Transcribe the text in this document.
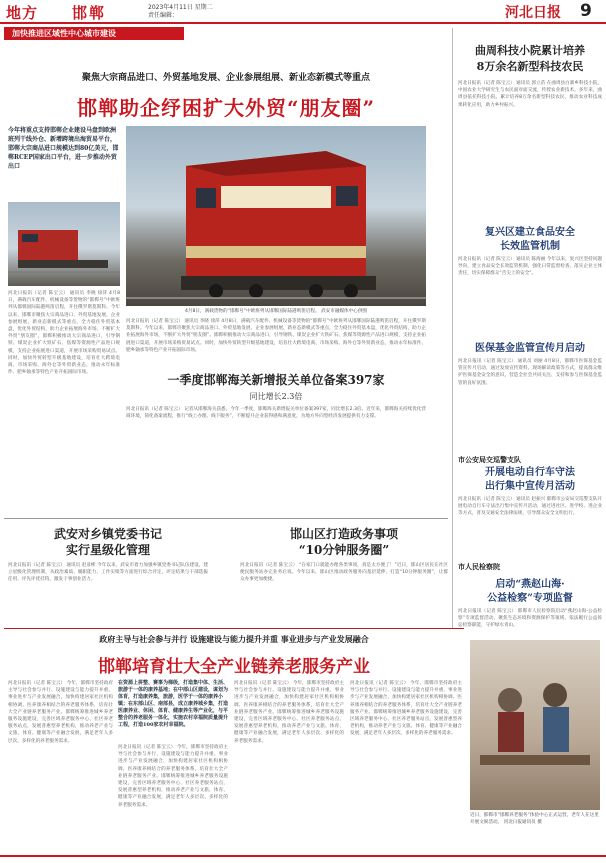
地方 邯郸	2023年4月11日 星期二
责任编辑：	河北日报 9
加快推进区域性中心城市建设
聚焦大宗商品进口、外贸基地发展、企业参展组展、新业态新模式等重点
邯郸助企纾困扩大外贸“朋友圈”
今年将重点支持邯郸企业建设马盘到欧洲班列干线外仓、新增跨境出海贸易平台，邯郸大宗商品进口规模达到80亿美元，邯郸RCEP国家出口平台，进一步推动外贸出口
4月8日，满载货物的“邯郸号”中欧班列从邯郸国际陆港鸣笛启程。 武安市融媒体中心供图
河北日报讯（记者 陈宝云） 通讯员 李晓 徐萍 4月8日，满载汽车配件、机械设备等货物的“邯郸号”中欧班列从邯郸国际陆港鸣笛启程，开往俄罗斯莫斯科。今年以来，邯郸市聚焦大宗商品进口、外贸基地发展、企业参展组展、新业态新模式等重点，全力稳住外贸基本盘，优化外贸结构，助力企业拓展海外市场，不断扩大外贸“朋友圈”。邯郸积极推动大宗商品进口，引导钢铁、煤炭企业扩大铁矿石、焦煤等资源性产品进口规模，支持企业拓展进口渠道，开展市场采购贸易试点。同时，加快外贸转型升级基地建设，培育壮大跨境电商、市场采购、海外仓等外贸新业态，推动永年标准件、肥乡轴承等特色产业开拓国际市场。
河北日报讯（记者 陈宝云） 通讯员 李晓 徐萍 4月8日，满载汽车配件、机械设备等货物的“邯郸号”中欧班列从邯郸国际陆港鸣笛启程，开往俄罗斯莫斯科。今年以来，邯郸市聚焦大宗商品进口、外贸基地发展、企业参展组展、新业态新模式等重点，全力稳住外贸基本盘，优化外贸结构，助力企业拓展海外市场，不断扩大外贸“朋友圈”。邯郸积极推动大宗商品进口，引导钢铁、煤炭企业扩大铁矿石、焦煤等资源性产品进口规模，支持企业拓展进口渠道，开展市场采购贸易试点。同时，加快外贸转型升级基地建设，培育壮大跨境电商、市场采购、海外仓等外贸新业态，推动永年标准件、肥乡轴承等特色产业开拓国际市场。
一季度邯郸海关新增报关单位备案397家
同比增长2.3倍
河北日报讯（记者 陈宝云） 记者从邯郸海关获悉，今年一季度，邯郸海关新增报关单位备案397家，同比增长2.3倍。近年来，邯郸海关持续优化营商环境，简化备案流程，推行“线上办理、线下服务”，不断提升企业获得感和满意度，为地方外向型经济发展提供有力支撑。
武安对乡镇党委书记
实行星级化管理
河北日报讯（记者 陈宝云） 通讯员 赵彦彬 今年以来，武安市着力加强乡镇党委书记队伍建设，建立星级化管理机制，从政治素质、履职能力、工作实绩等方面进行综合评定，评定结果与干部选拔任用、评先评优挂钩，激发干事创业活力。
邯山区打造政务事项
“10分钟服务圈”
河北日报讯（记者 陈宝云） “在家门口就能办理各类事项，真是太方便了！”近日，邯山区居民在社区便民服务站办完业务后说。今年以来，邯山区推动政务服务向基层延伸，打造“10分钟服务圈”，让群众办事更加便捷。
政府主导与社会参与并行 设施建设与能力提升并重 事业进步与产业发展融合
邯郸培育壮大全产业链养老服务产业
河北日报讯（记者 陈宝云） 今年，邯郸市坚持政府主导与社会参与并行、设施建设与能力提升并重、事业进步与产业发展融合，加快构建居家社区机构相协调、医养康养相结合的养老服务体系，培育壮大全产业链养老服务产业。邯郸统筹推进城乡养老服务设施建设，完善区域养老服务中心、社区养老服务站点，发展普惠型养老机构，推动养老产业与文旅、体育、健康等产业融合发展，满足老年人多层次、多样化的养老服务需求。
在资源上拼整、赛事为梯级，打造集中体、生活、旅游于一体的康养基地；在中部山区建设，谋划为体育，打造康养集，旅游，医学于一体的康养小镇；在东部山区、南部县，成立康养城乡集，打造医康养业、休闲、体育、健康养生等产业化，与平整合的养老服务一体化，实施农村幸福院质量提升工程，打造100家农村幸福院。
河北日报讯（记者 陈宝云） 今年，邯郸市坚持政府主导与社会参与并行、设施建设与能力提升并重、事业进步与产业发展融合，加快构建居家社区机构相协调、医养康养相结合的养老服务体系，培育壮大全产业链养老服务产业。邯郸统筹推进城乡养老服务设施建设，完善区域养老服务中心、社区养老服务站点，发展普惠型养老机构，推动养老产业与文旅、体育、健康等产业融合发展，满足老年人多层次、多样化的养老服务需求。
河北日报讯（记者 陈宝云） 今年，邯郸市坚持政府主导与社会参与并行、设施建设与能力提升并重、事业进步与产业发展融合，加快构建居家社区机构相协调、医养康养相结合的养老服务体系，培育壮大全产业链养老服务产业。邯郸统筹推进城乡养老服务设施建设，完善区域养老服务中心、社区养老服务站点，发展普惠型养老机构，推动养老产业与文旅、体育、健康等产业融合发展，满足老年人多层次、多样化的养老服务需求。
河北日报讯（记者 陈宝云） 今年，邯郸市坚持政府主导与社会参与并行、设施建设与能力提升并重、事业进步与产业发展融合，加快构建居家社区机构相协调、医养康养相结合的养老服务体系，培育壮大全产业链养老服务产业。邯郸统筹推进城乡养老服务设施建设，完善区域养老服务中心、社区养老服务站点，发展普惠型养老机构，推动养老产业与文旅、体育、健康等产业融合发展，满足老年人多层次、多样化的养老服务需求。
曲周科技小院累计培养
8万余名新型科技农民
河北日报讯（记者 陈宝云） 通讯员 郭立苗 在曲周县白寨乡科技小院，中国农业大学研究生与农民面对面交流，传授农业新技术。多年来，曲周县依托科技小院，累计培养8万余名新型科技农民，推动农业科技成果转化应用，助力乡村振兴。
复兴区建立食品安全
长效监管机制
河北日报讯（记者 陈宝云） 通讯员 陈海丽 今年以来，复兴区坚持问题导向，建立食品安全长效监管机制，强化日常监督检查，落实企业主体责任，切实保障群众“舌尖上的安全”。
医保基金监管宣传月启动
河北日报讯（记者 陈宝云） 通讯员 刘丽 4月8日，邯郸市医保基金监管宣传月启动，通过发放宣传资料、现场解读政策等方式，提高群众维护医保基金安全的意识，营造全社会共同关注、支持和参与医保基金监管的良好氛围。
市公安局交巡警支队
开展电动自行车守法
出行集中宣传月活动
河北日报讯（记者 陈宝云） 通讯员 赵振兴 邯郸市公安局交巡警支队开展电动自行车守法出行集中宣传月活动，通过进社区、进学校、进企业等方式，普及交通安全法律法规，引导群众安全文明出行。
市人民检察院
启动“燕赵山海·
公益检察”专项监督
河北日报讯（记者 陈宝云） 邯郸市人民检察院启动“燕赵山海·公益检察”专项监督活动，聚焦生态环境和资源保护等领域，依法履行公益诉讼检察职能，守护绿水青山。
近日，邯郸市“邯郸养老服务”体验中心正式运营，老年人在这里开展文娱活动。 河北日报通讯员 摄
